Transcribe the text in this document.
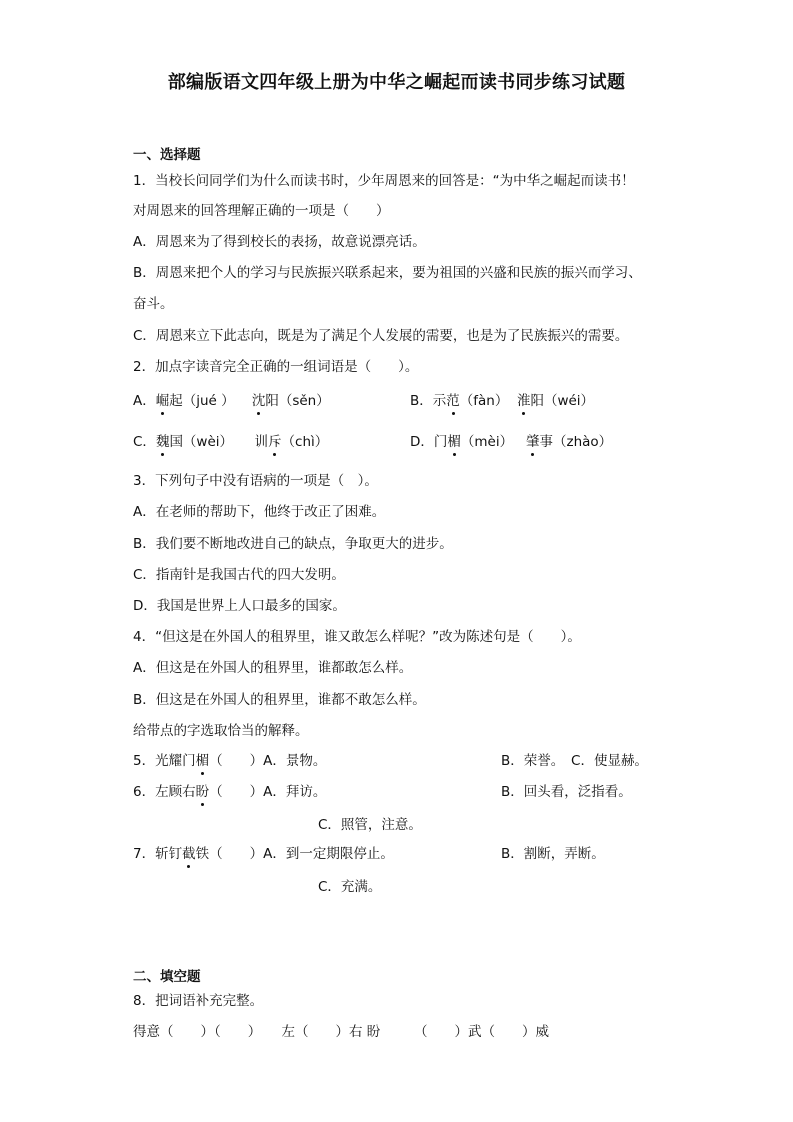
部编版语文四年级上册为中华之崛起而读书同步练习试题
一、选择题
1．当校长问同学们为什么而读书时，少年周恩来的回答是：“为中华之崛起而读书！
对周恩来的回答理解正确的一项是（　　）
A．周恩来为了得到校长的表扬，故意说漂亮话。
B．周恩来把个人的学习与民族振兴联系起来，要为祖国的兴盛和民族的振兴而学习、
奋斗。
C．周恩来立下此志向，既是为了满足个人发展的需要，也是为了民族振兴的需要。
2．加点字读音完全正确的一组词语是（　　）。
A．崛起（jué ） 沈阳（sěn）	B．示范（fàn） 淮阳（wéi）
C．魏国（wèi） 训斥（chì）	D．门楣（mèi） 肇事（zhào）
3．下列句子中没有语病的一项是（　）。
A．在老师的帮助下，他终于改正了困难。
B．我们要不断地改进自己的缺点，争取更大的进步。
C．指南针是我国古代的四大发明。
D．我国是世界上人口最多的国家。
4．“但这是在外国人的租界里，谁又敢怎么样呢？”改为陈述句是（　　）。
A．但这是在外国人的租界里，谁都敢怎么样。
B．但这是在外国人的租界里，谁都不敢怎么样。
给带点的字选取恰当的解释。
5．光耀门楣（　　）A．景物。	B．荣誉。　C．使显赫。
6．左顾右盼（　　）A．拜访。	B．回头看，泛指看。
C．照管，注意。
7．斩钉截铁（　　）A．到一定期限停止。	B．割断，弄断。
C．充满。
二、填空题
8．把词语补充完整。
得意（　　）（　　）　　左（　　）右 盼　　　（　　）武（　　）威
